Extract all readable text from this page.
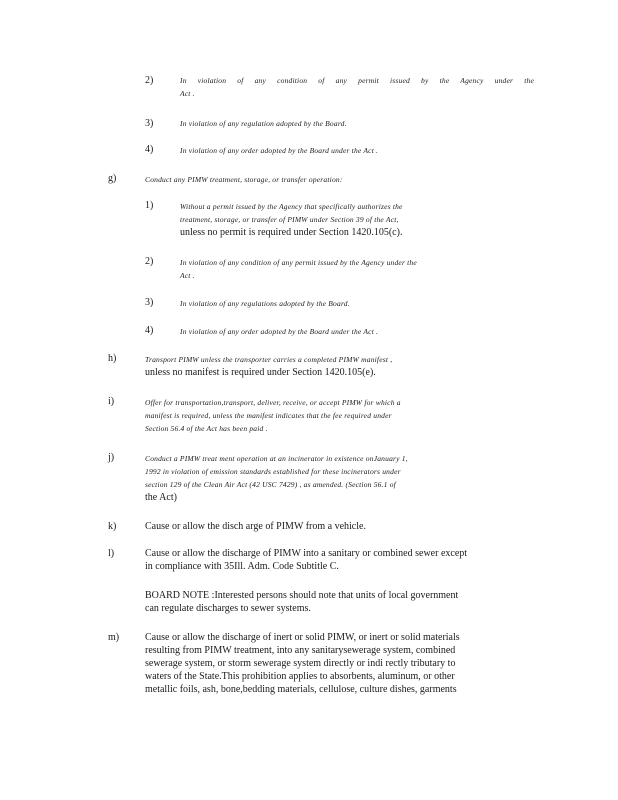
2)	In violation of any condition of any permit issued by the Agency under the
Act .
3)	In violation of any regulation adopted by the Board.
4)	In violation of any order adopted by the Board under the Act .
g)	Conduct any PIMW treatment, storage, or transfer operation:
1)	Without a permit issued by the Agency that specifically authorizes the
treatment, storage, or transfer of PIMW under Section 39 of the Act,
unless no permit is required under Section 1420.105(c).
2)	In violation of any condition of any permit issued by the Agency under the
Act .
3)	In violation of any regulations adopted by the Board.
4)	In violation of any order adopted by the Board under the Act .
h)	Transport PIMW unless the transporter carries a completed PIMW manifest ,
unless no manifest is required under Section 1420.105(e).
i)	Offer for transportation,transport, deliver, receive, or accept PIMW for which a
manifest is required, unless the manifest indicates that the fee required under
Section 56.4 of the Act has been paid .
j)	Conduct a PIMW treat ment operation at an incinerator in existence onJanuary 1,
1992 in violation of emission standards established for these incinerators under
section 129 of the Clean Air Act (42 USC 7429) , as amended. (Section 56.1 of
the Act)
k)	Cause or allow the disch arge of PIMW from a vehicle.
l)	Cause or allow the discharge of PIMW into a sanitary or combined sewer except
in compliance with 35Ill. Adm. Code Subtitle C.
BOARD NOTE :Interested persons should note that units of local government
can regulate discharges to sewer systems.
m)	Cause or allow the discharge of inert or solid PIMW, or inert or solid materials
resulting from PIMW treatment, into any sanitarysewerage system, combined
sewerage system, or storm sewerage system directly or indi rectly tributary to
waters of the State.This prohibition applies to absorbents, aluminum, or other
metallic foils, ash, bone,bedding materials, cellulose, culture dishes, garments
